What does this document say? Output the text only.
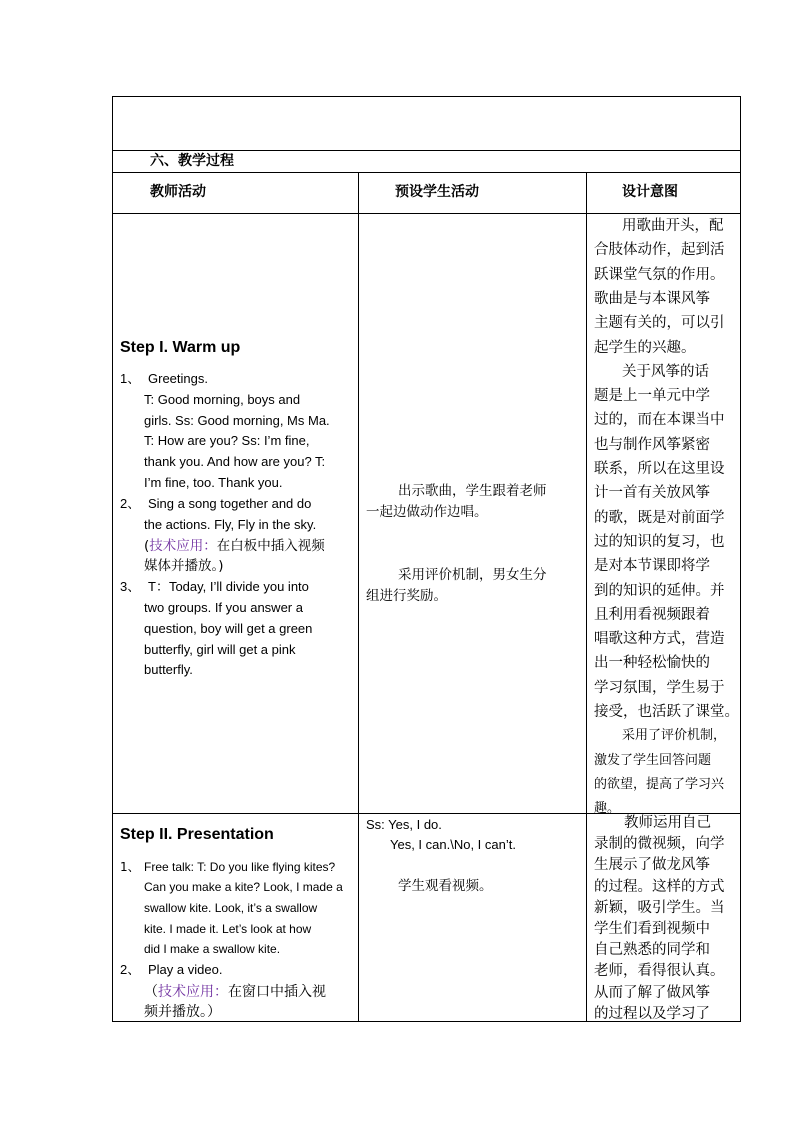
六、教学过程
教师活动	预设学生活动	设计意图
Step I. Warm up
1、 Greetings.
T: Good morning, boys and
girls. Ss: Good morning, Ms Ma.
T: How are you? Ss: I’m fine,
thank you. And how are you? T:
I’m fine, too. Thank you.
2、 Sing a song together and do
the actions. Fly, Fly in the sky.
(技术应用：在白板中插入视频
媒体并播放。)
3、 T：Today, I’ll divide you into
two groups. If you answer a
question, boy will get a green
butterfly, girl will get a pink
butterfly.
出示歌曲，学生跟着老师
一起边做动作边唱。
采用评价机制，男女生分
组进行奖励。
用歌曲开头，配
合肢体动作，起到活
跃课堂气氛的作用。
歌曲是与本课风筝
主题有关的，可以引
起学生的兴趣。
关于风筝的话
题是上一单元中学
过的，而在本课当中
也与制作风筝紧密
联系，所以在这里设
计一首有关放风筝
的歌，既是对前面学
过的知识的复习，也
是对本节课即将学
到的知识的延伸。并
且利用看视频跟着
唱歌这种方式，营造
出一种轻松愉快的
学习氛围，学生易于
接受，也活跃了课堂。
采用了评价机制，
激发了学生回答问题
的欲望，提高了学习兴
趣。
Step II. Presentation
1、 Free talk: T: Do you like flying kites?
Can you make a kite? Look, I made a
swallow kite. Look, it’s a swallow
kite. I made it. Let’s look at how
did I make a swallow kite.
2、 Play a video.
（技术应用：在窗口中插入视
频并播放。）
Ss: Yes, I do.
Yes, I can.\No, I can’t.
学生观看视频。
教师运用自己
录制的微视频，向学
生展示了做龙风筝
的过程。这样的方式
新颖，吸引学生。当
学生们看到视频中
自己熟悉的同学和
老师，看得很认真。
从而了解了做风筝
的过程以及学习了
